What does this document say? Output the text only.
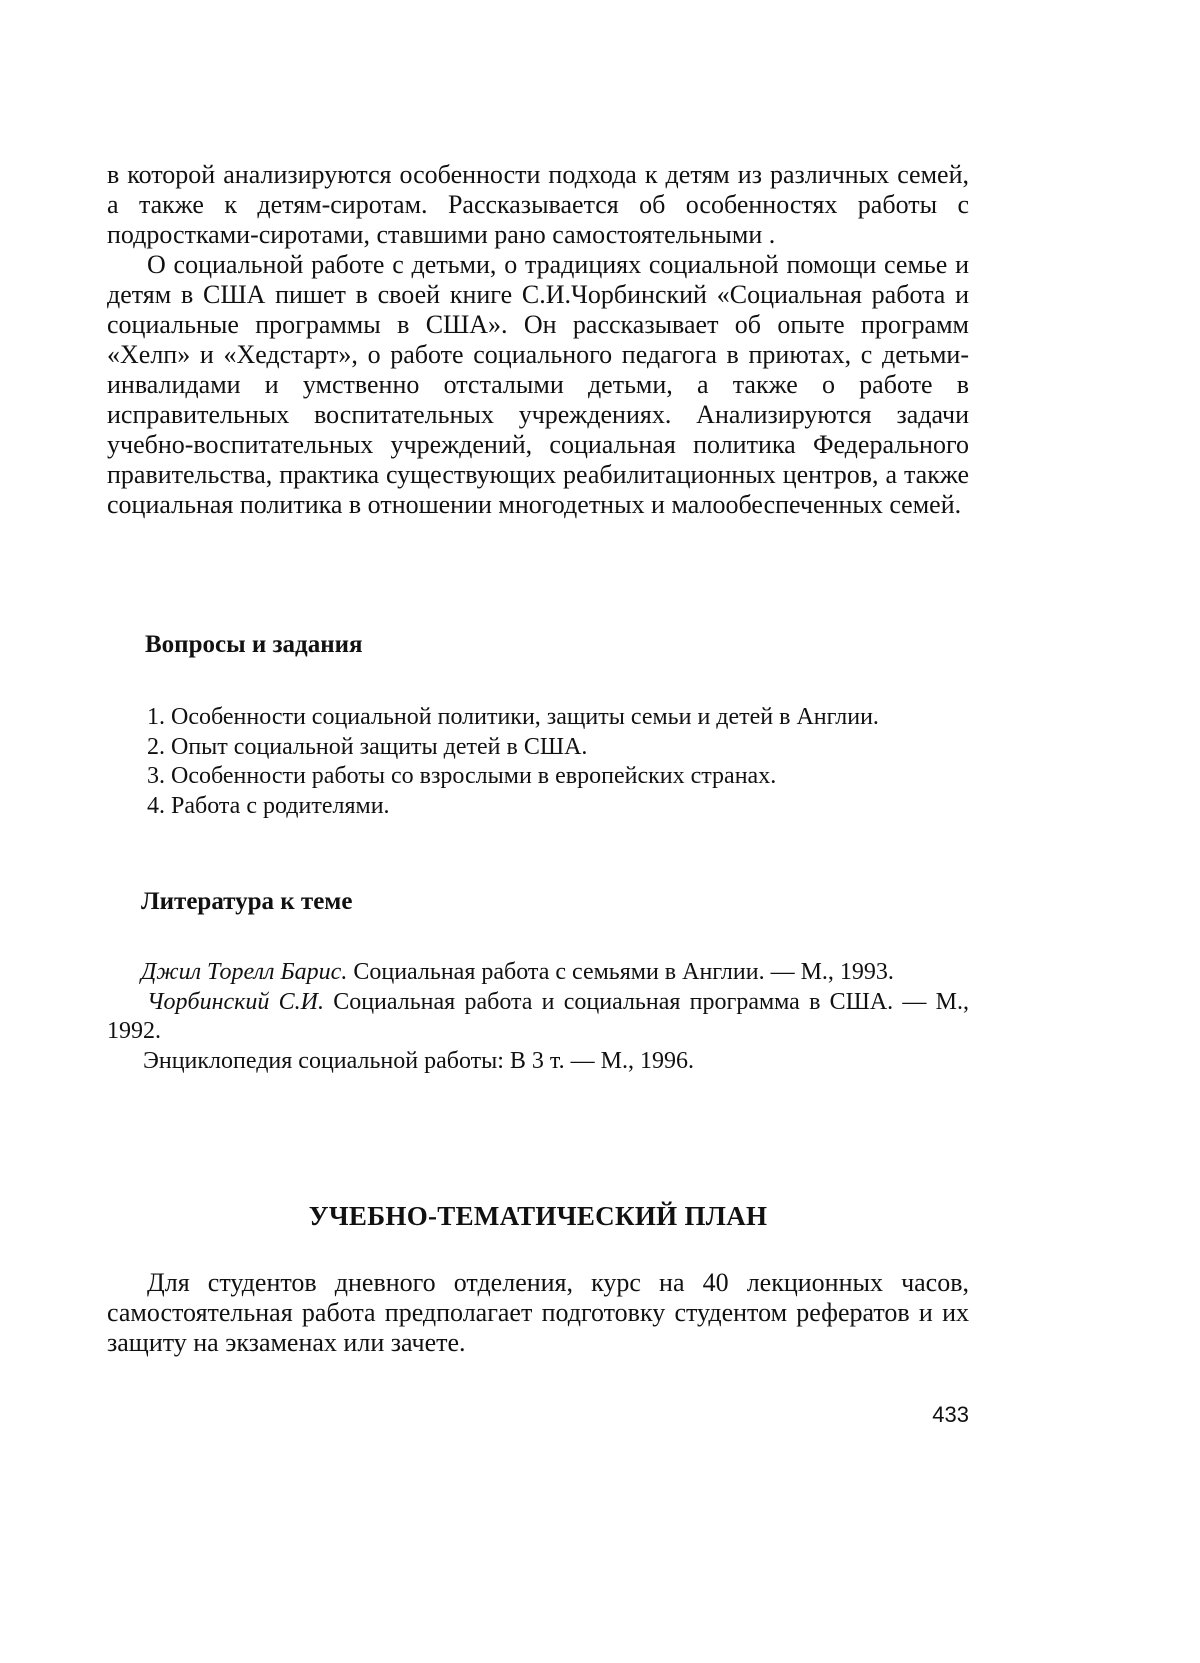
в которой анализируются особенности подхода к детям из различных семей, а также к детям-сиротам. Рассказывается об особенностях работы с подростками-сиротами, ставшими рано самостоятельными .

О социальной работе с детьми, о традициях социальной помощи семье и детям в США пишет в своей книге С.И.Чорбинский «Социальная работа и социальные программы в США». Он рассказывает об опыте программ «Хелп» и «Хедстарт», о работе социального педагога в приютах, с детьми-инвалидами и умственно отсталыми детьми, а также о работе в исправительных воспитательных учреждениях. Анализируются задачи учебно-воспитательных учреждений, социальная политика Федерального правительства, практика существующих реабилитационных центров, а также социальная политика в отношении многодетных и малообеспеченных семей.

Вопросы и задания

1. Особенности социальной политики, защиты семьи и детей в Англии.

2. Опыт социальной защиты детей в США.

3. Особенности работы со взрослыми в европейских странах.

4. Работа с родителями.

Литература к теме

Джил Торелл Барис. Социальная работа с семьями в Англии. — М., 1993.

Чорбинский С.И. Социальная работа и социальная программа в США. — М., 1992.

Энциклопедия социальной работы: В 3 т. — М., 1996.

УЧЕБНО-ТЕМАТИЧЕСКИЙ ПЛАН

Для студентов дневного отделения, курс на 40 лекционных часов, самостоятельная работа предполагает подготовку студентом рефератов и их защиту на экзаменах или зачете.

433
